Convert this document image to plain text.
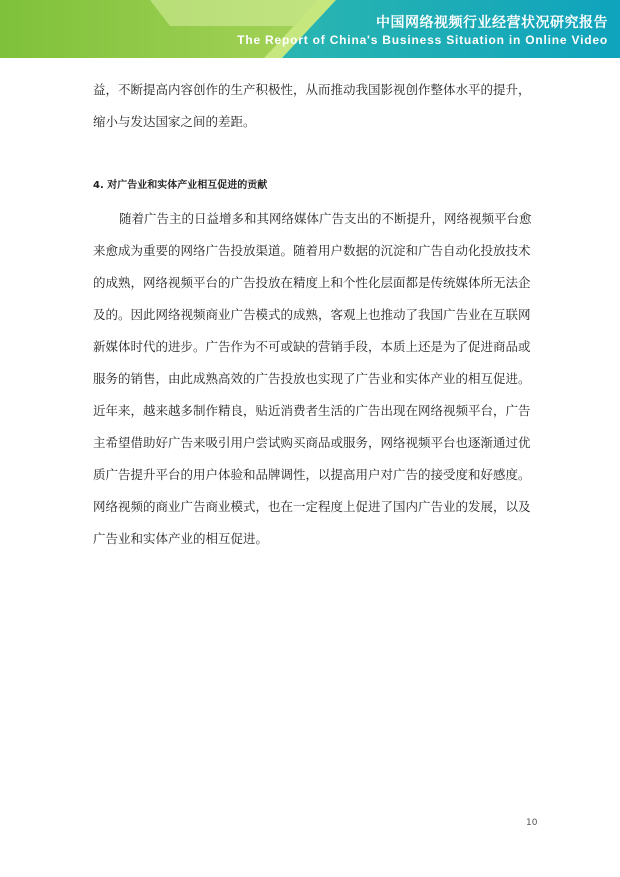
中国网络视频行业经营状况研究报告
The Report of China's Business Situation in Online Video
益，不断提高内容创作的生产积极性，从而推动我国影视创作整体水平的提升，
缩小与发达国家之间的差距。
4. 对广告业和实体产业相互促进的贡献
随着广告主的日益增多和其网络媒体广告支出的不断提升，网络视频平台愈
来愈成为重要的网络广告投放渠道。随着用户数据的沉淀和广告自动化投放技术
的成熟，网络视频平台的广告投放在精度上和个性化层面都是传统媒体所无法企
及的。因此网络视频商业广告模式的成熟，客观上也推动了我国广告业在互联网
新媒体时代的进步。广告作为不可或缺的营销手段，本质上还是为了促进商品或
服务的销售，由此成熟高效的广告投放也实现了广告业和实体产业的相互促进。
近年来，越来越多制作精良，贴近消费者生活的广告出现在网络视频平台，广告
主希望借助好广告来吸引用户尝试购买商品或服务，网络视频平台也逐渐通过优
质广告提升平台的用户体验和品牌调性，以提高用户对广告的接受度和好感度。
网络视频的商业广告商业模式，也在一定程度上促进了国内广告业的发展，以及
广告业和实体产业的相互促进。
10
